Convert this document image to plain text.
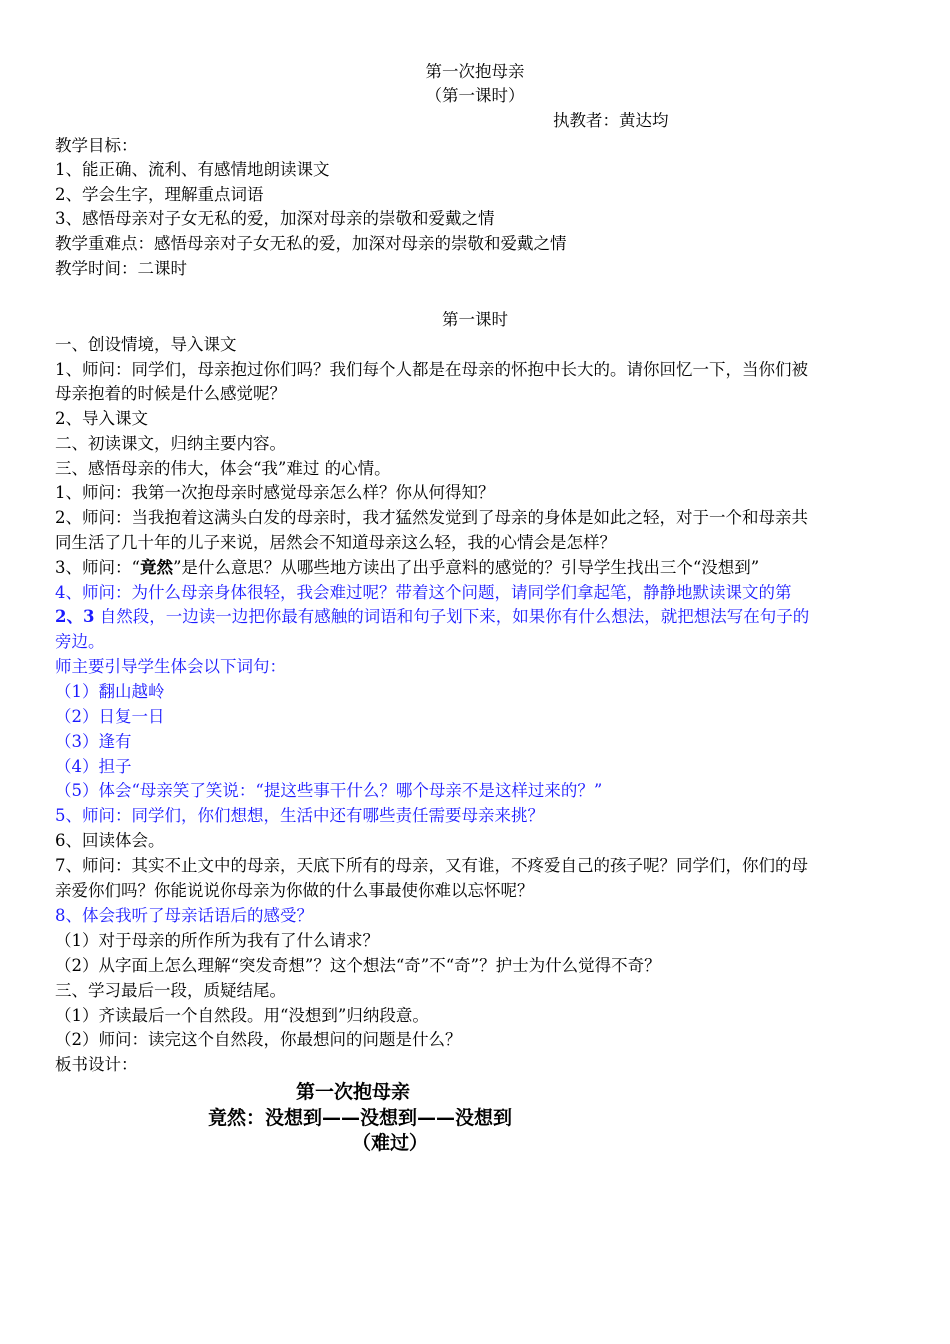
第一次抱母亲
（第一课时）
执教者：黄达均
教学目标：
1、能正确、流利、有感情地朗读课文
2、学会生字，理解重点词语
3、感悟母亲对子女无私的爱，加深对母亲的崇敬和爱戴之情
教学重难点：感悟母亲对子女无私的爱，加深对母亲的崇敬和爱戴之情
教学时间：二课时
第一课时
一、创设情境，导入课文
1、师问：同学们，母亲抱过你们吗？我们每个人都是在母亲的怀抱中长大的。请你回忆一下，当你们被
母亲抱着的时候是什么感觉呢？
2、导入课文
二、初读课文，归纳主要内容。
三、感悟母亲的伟大，体会“我”难过 的心情。
1、师问：我第一次抱母亲时感觉母亲怎么样？你从何得知？
2、师问：当我抱着这满头白发的母亲时，我才猛然发觉到了母亲的身体是如此之轻，对于一个和母亲共
同生活了几十年的儿子来说，居然会不知道母亲这么轻，我的心情会是怎样？
3、师问：“竟然”是什么意思？从哪些地方读出了出乎意料的感觉的？引导学生找出三个“没想到”
4、师问：为什么母亲身体很轻，我会难过呢？带着这个问题，请同学们拿起笔，静静地默读课文的第
2、3 自然段，一边读一边把你最有感触的词语和句子划下来，如果你有什么想法，就把想法写在句子的
旁边。
师主要引导学生体会以下词句：
（1）翻山越岭
（2）日复一日
（3）逢有
（4）担子
（5）体会“母亲笑了笑说：“提这些事干什么？哪个母亲不是这样过来的？”
5、师问：同学们，你们想想，生活中还有哪些责任需要母亲来挑？
6、回读体会。
7、师问：其实不止文中的母亲，天底下所有的母亲，又有谁，不疼爱自己的孩子呢？同学们，你们的母
亲爱你们吗？你能说说你母亲为你做的什么事最使你难以忘怀呢？
8、体会我听了母亲话语后的感受？
（1）对于母亲的所作所为我有了什么请求？
（2）从字面上怎么理解“突发奇想”？这个想法“奇”不“奇”？护士为什么觉得不奇？
三、学习最后一段，质疑结尾。
（1）齐读最后一个自然段。用“没想到”归纳段意。
（2）师问：读完这个自然段，你最想问的问题是什么？
板书设计：
第一次抱母亲
竟然：没想到——没想到——没想到
（难过）
